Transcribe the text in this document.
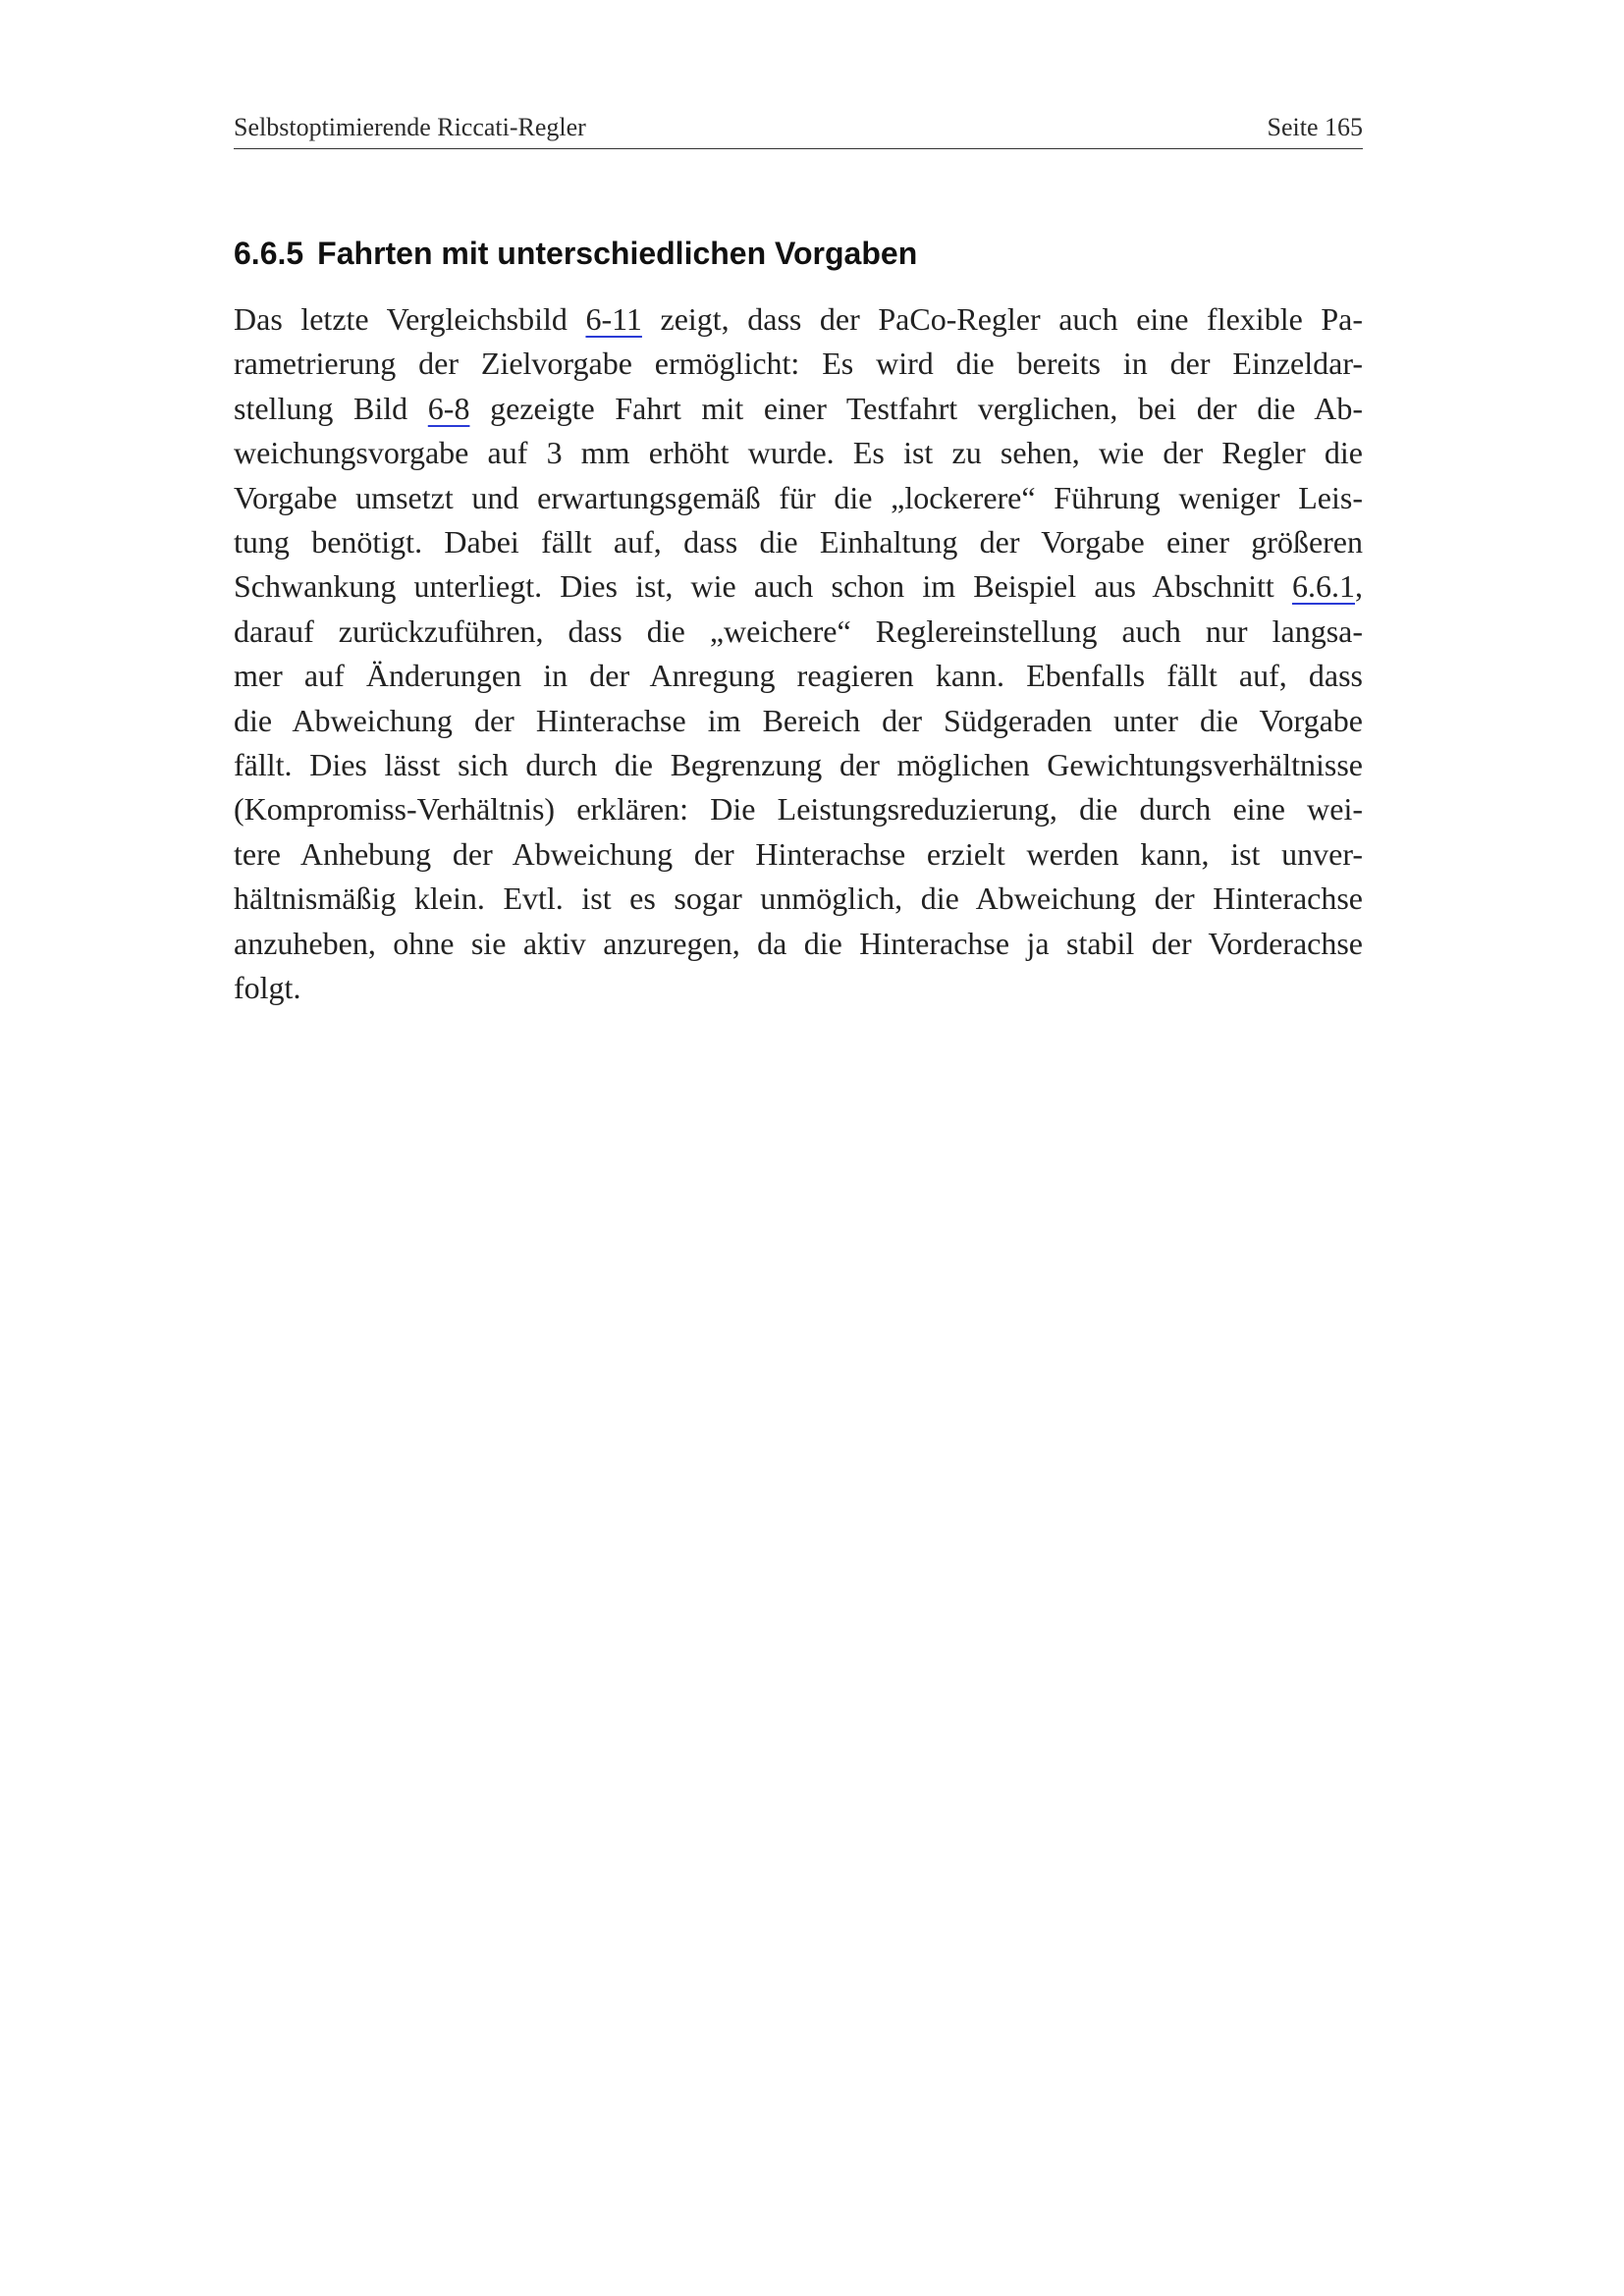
Selbstoptimierende Riccati-Regler	Seite 165
6.6.5 Fahrten mit unterschiedlichen Vorgaben
Das letzte Vergleichsbild 6-11 zeigt, dass der PaCo-Regler auch eine flexible Pa-
rametrierung der Zielvorgabe ermöglicht: Es wird die bereits in der Einzeldar-
stellung Bild 6-8 gezeigte Fahrt mit einer Testfahrt verglichen, bei der die Ab-
weichungsvorgabe auf 3 mm erhöht wurde. Es ist zu sehen, wie der Regler die
Vorgabe umsetzt und erwartungsgemäß für die „lockerere“ Führung weniger Leis-
tung benötigt. Dabei fällt auf, dass die Einhaltung der Vorgabe einer größeren
Schwankung unterliegt. Dies ist, wie auch schon im Beispiel aus Abschnitt 6.6.1,
darauf zurückzuführen, dass die „weichere“ Reglereinstellung auch nur langsa-
mer auf Änderungen in der Anregung reagieren kann. Ebenfalls fällt auf, dass
die Abweichung der Hinterachse im Bereich der Südgeraden unter die Vorgabe
fällt. Dies lässt sich durch die Begrenzung der möglichen Gewichtungsverhältnisse
(Kompromiss-Verhältnis) erklären: Die Leistungsreduzierung, die durch eine wei-
tere Anhebung der Abweichung der Hinterachse erzielt werden kann, ist unver-
hältnismäßig klein. Evtl. ist es sogar unmöglich, die Abweichung der Hinterachse
anzuheben, ohne sie aktiv anzuregen, da die Hinterachse ja stabil der Vorderachse
folgt.
